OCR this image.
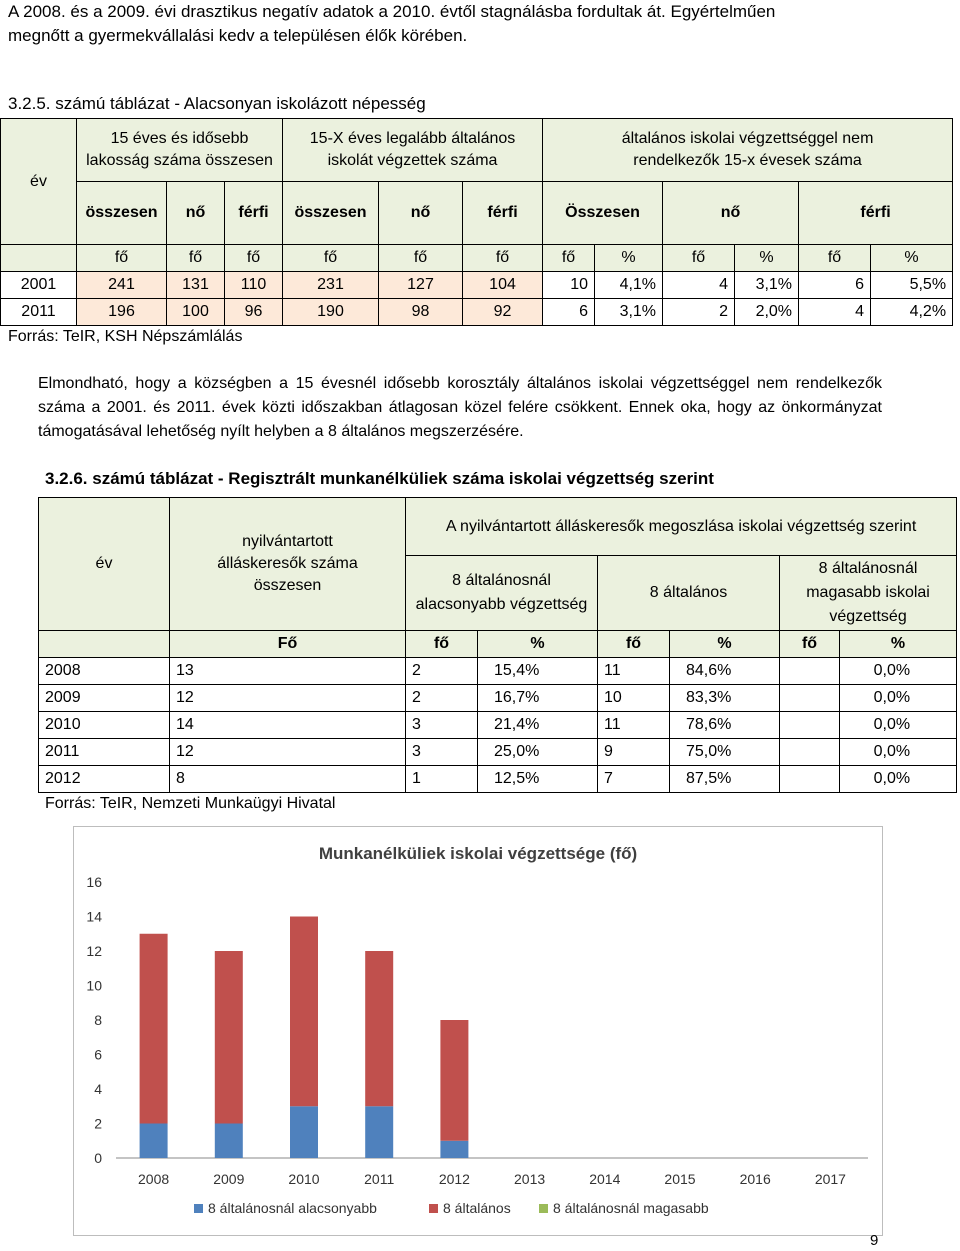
A 2008. és a 2009. évi drasztikus negatív adatok a 2010. évtől stagnálásba fordultak át. Egyértelműen
megnőtt a gyermekvállalási kedv a településen élők körében.
3.2.5. számú táblázat - Alacsonyan iskolázott népesség
év	15 éves és idősebb lakosság száma összesen			15-X éves legalább általános iskolát végzettek száma			általános iskolai végzettséggel nem rendelkezők 15-x évesek száma					
	összesen	nő	férfi	összesen	nő	férfi	Összesen		nő		férfi	
	fő	fő	fő	fő	fő	fő	fő	%	fő	%	fő	%
2001	241	131	110	231	127	104	10	4,1%	4	3,1%	6	5,5%
2011	196	100	96	190	98	92	6	3,1%	2	2,0%	4	4,2%
Forrás: TeIR, KSH Népszámlálás
Elmondható, hogy a községben a 15 évesnél idősebb korosztály általános iskolai végzettséggel nem rendelkezők száma a 2001. és 2011. évek közti időszakban átlagosan közel felére csökkent. Ennek oka, hogy az önkormányzat támogatásával lehetőség nyílt helyben a 8 általános megszerzésére.
3.2.6. számú táblázat - Regisztrált munkanélküliek száma iskolai végzettség szerint
év	nyilvántartott álláskeresők száma összesen	A nyilvántartott álláskeresők megoszlása iskolai végzettség szerint					
		8 általánosnál alacsonyabb végzettség		8 általános		8 általánosnál magasabb iskolai végzettség	
	Fő	fő	%	fő	%	fő	%
2008	13	2	15,4%	11	84,6%		0,0%
2009	12	2	16,7%	10	83,3%		0,0%
2010	14	3	21,4%	11	78,6%		0,0%
2011	12	3	25,0%	9	75,0%		0,0%
2012	8	1	12,5%	7	87,5%		0,0%
Forrás: TeIR, Nemzeti Munkaügyi Hivatal
Munkanélküliek iskolai végzettsége (fő)
0
2
4
6
8
10
12
14
16
2008	2009	2010	2011	2012	2013	2014	2015	2016	2017
8 általánosnál alacsonyabb	8 általános	8 általánosnál magasabb
9
